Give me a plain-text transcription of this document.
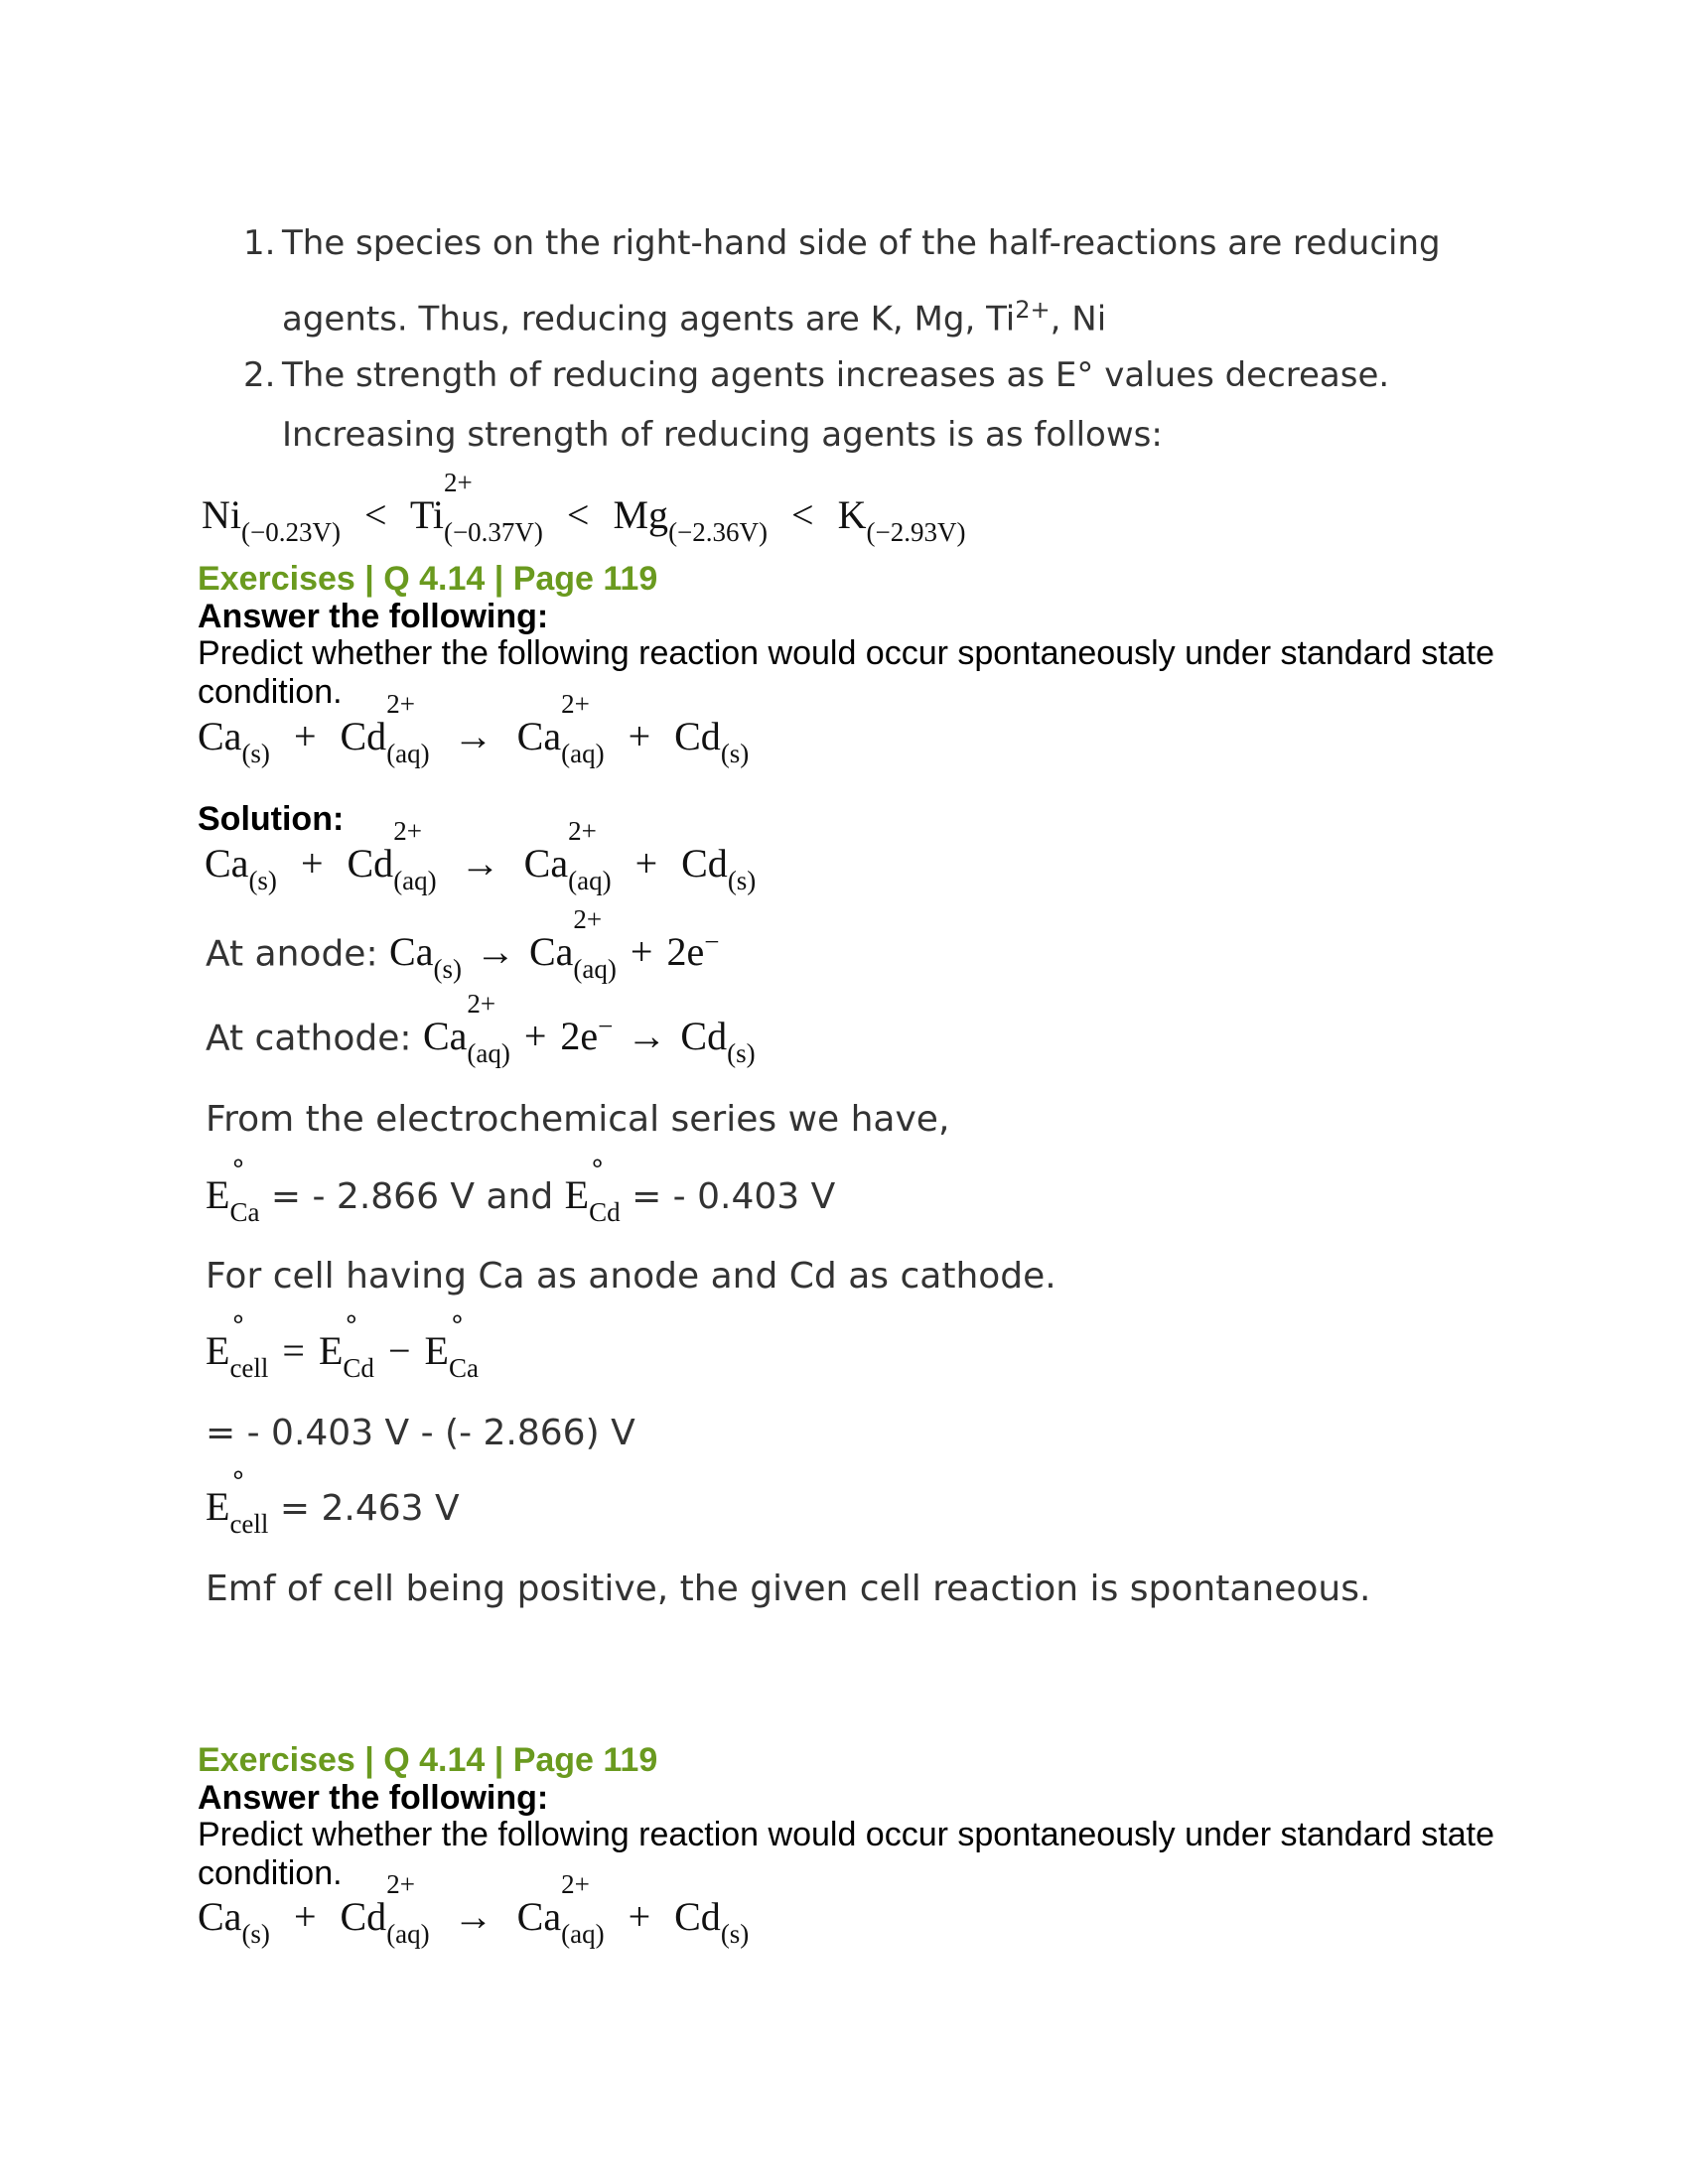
1. The species on the right-hand side of the half-reactions are reducing
agents. Thus, reducing agents are K, Mg, $Ti^{2+}$, Ni
2. The strength of reducing agents increases as E° values decrease.
Increasing strength of reducing agents is as follows:
Ni(−0.23V) < Ti
2+
(−0.37V) < Mg(−2.36V) < K(−2.93V)
Exercises | Q 4.14 | Page 119
Answer the following:
Predict whether the following reaction would occur spontaneously under standard state
condition.
Ca(s) + Cd
2+
(aq) → Ca
2+
(aq) + Cd(s)
Solution:
Ca(s) + Cd
2+
(aq) → Ca
2+
(aq) + Cd(s)
At anode: Ca(s) → Ca
2+
(aq) + 2e−
At cathode: Ca
2+
(aq) + 2e− → Cd(s)
From the electrochemical series we have,
E
∘
Ca = - 2.866 V and E
∘
Cd = - 0.403 V
For cell having Ca as anode and Cd as cathode.
E
∘
cell = E
∘
Cd − E
∘
Ca
= - 0.403 V - (- 2.866) V
E
∘
cell = 2.463 V
Emf of cell being positive, the given cell reaction is spontaneous.
Exercises | Q 4.14 | Page 119
Answer the following:
Predict whether the following reaction would occur spontaneously under standard state
condition.
Ca(s) + Cd
2+
(aq) → Ca
2+
(aq) + Cd(s)
